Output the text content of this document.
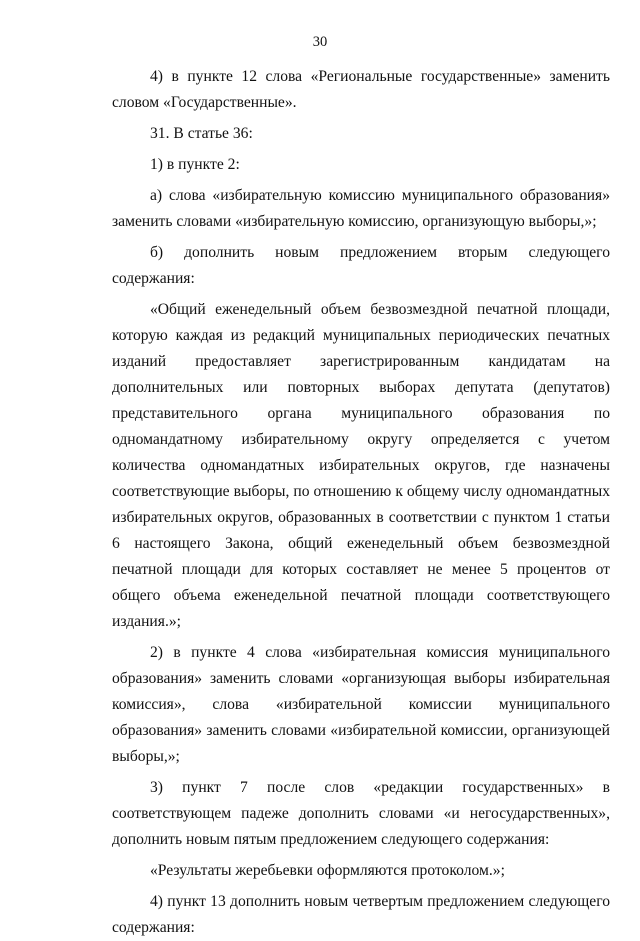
30

4) в пункте 12 слова «Региональные государственные» заменить словом «Государственные».

31. В статье 36:

1) в пункте 2:

а) слова «избирательную комиссию муниципального образования» заменить словами «избирательную комиссию, организующую выборы,»;

б) дополнить новым предложением вторым следующего содержания:

«Общий еженедельный объем безвозмездной печатной площади, которую каждая из редакций муниципальных периодических печатных изданий предоставляет зарегистрированным кандидатам на дополнительных или повторных выборах депутата (депутатов) представительного органа муниципального образования по одномандатному избирательному округу определяется с учетом количества одномандатных избирательных округов, где назначены соответствующие выборы, по отношению к общему числу одномандатных избирательных округов, образованных в соответствии с пунктом 1 статьи 6 настоящего Закона, общий еженедельный объем безвозмездной печатной площади для которых составляет не менее 5 процентов от общего объема еженедельной печатной площади соответствующего издания.»;

2) в пункте 4 слова «избирательная комиссия муниципального образования» заменить словами «организующая выборы избирательная комиссия», слова «избирательной комиссии муниципального образования» заменить словами «избирательной комиссии, организующей выборы,»;

3) пункт 7 после слов «редакции государственных» в соответствующем падеже дополнить словами «и негосударственных», дополнить новым пятым предложением следующего содержания:

«Результаты жеребьевки оформляются протоколом.»;

4) пункт 13 дополнить новым четвертым предложением следующего содержания:
